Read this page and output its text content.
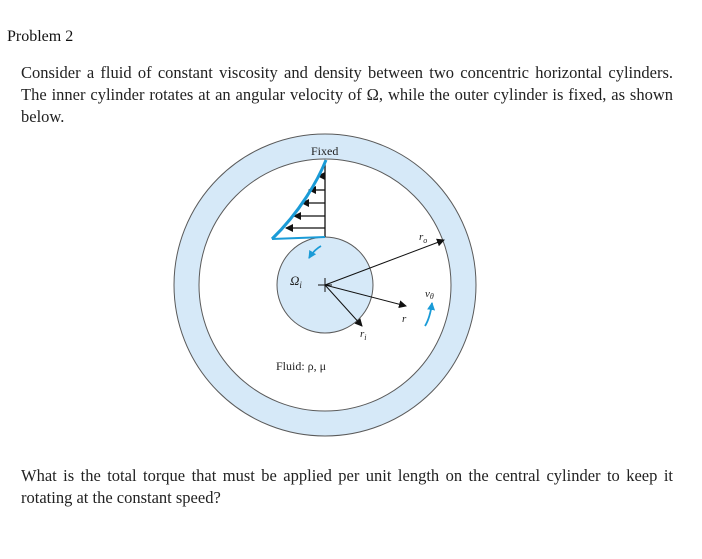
Problem 2
Consider a fluid of constant viscosity and density between two concentric horizontal cylinders. The inner cylinder rotates at an angular velocity of Ω, while the outer cylinder is fixed, as shown below.
Fixed
$\Omega_i$
$r_o$
vθ
r
$r_i$
Fluid: ρ, μ
What is the total torque that must be applied per unit length on the central cylinder to keep it rotating at the constant speed?
